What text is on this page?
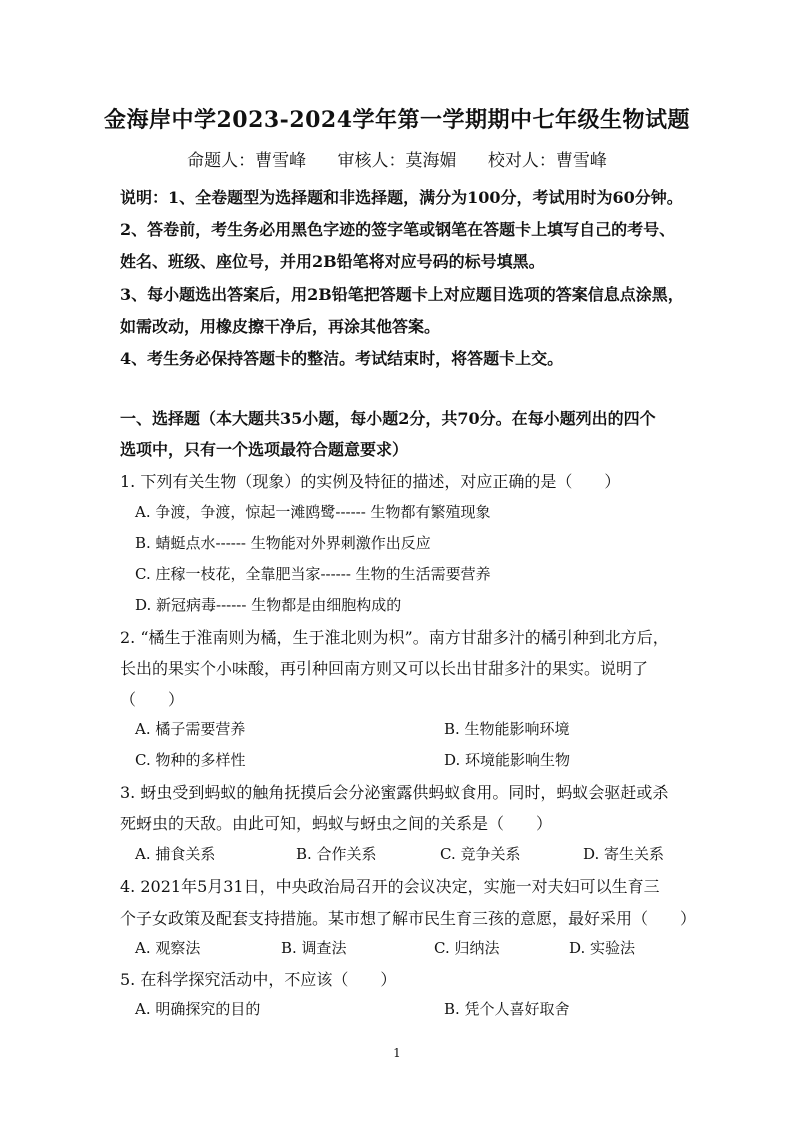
金海岸中学2023-2024学年第一学期期中七年级生物试题
命题人：曹雪峰 审核人：莫海媚 校对人：曹雪峰
说明：1、全卷题型为选择题和非选择题，满分为100分，考试用时为60分钟。
2、答卷前，考生务必用黑色字迹的签字笔或钢笔在答题卡上填写自己的考号、
姓名、班级、座位号，并用2B铅笔将对应号码的标号填黑。
3、每小题选出答案后，用2B铅笔把答题卡上对应题目选项的答案信息点涂黑，
如需改动，用橡皮擦干净后，再涂其他答案。
4、考生务必保持答题卡的整洁。考试结束时，将答题卡上交。
一、选择题（本大题共35小题，每小题2分，共70分。在每小题列出的四个
选项中，只有一个选项最符合题意要求）
1. 下列有关生物（现象）的实例及特征的描述，对应正确的是（　　）
A. 争渡，争渡，惊起一滩鸥鹭------ 生物都有繁殖现象
B. 蜻蜓点水------ 生物能对外界刺激作出反应
C. 庄稼一枝花，全靠肥当家------ 生物的生活需要营养
D. 新冠病毒------ 生物都是由细胞构成的
2. “橘生于淮南则为橘，生于淮北则为枳”。南方甘甜多汁的橘引种到北方后，
长出的果实个小味酸，再引种回南方则又可以长出甘甜多汁的果实。说明了
（　　）
A. 橘子需要营养	B. 生物能影响环境
C. 物种的多样性	D. 环境能影响生物
3. 蚜虫受到蚂蚁的触角抚摸后会分泌蜜露供蚂蚁食用。同时，蚂蚁会驱赶或杀
死蚜虫的天敌。由此可知，蚂蚁与蚜虫之间的关系是（　　）
A. 捕食关系	B. 合作关系	C. 竞争关系	D. 寄生关系
4. 2021年5月31日，中央政治局召开的会议决定，实施一对夫妇可以生育三
个子女政策及配套支持措施。某市想了解市民生育三孩的意愿，最好采用（　　）
A. 观察法	B. 调查法	C. 归纳法	D. 实验法
5. 在科学探究活动中，不应该（　　）
A. 明确探究的目的	B. 凭个人喜好取舍
1
